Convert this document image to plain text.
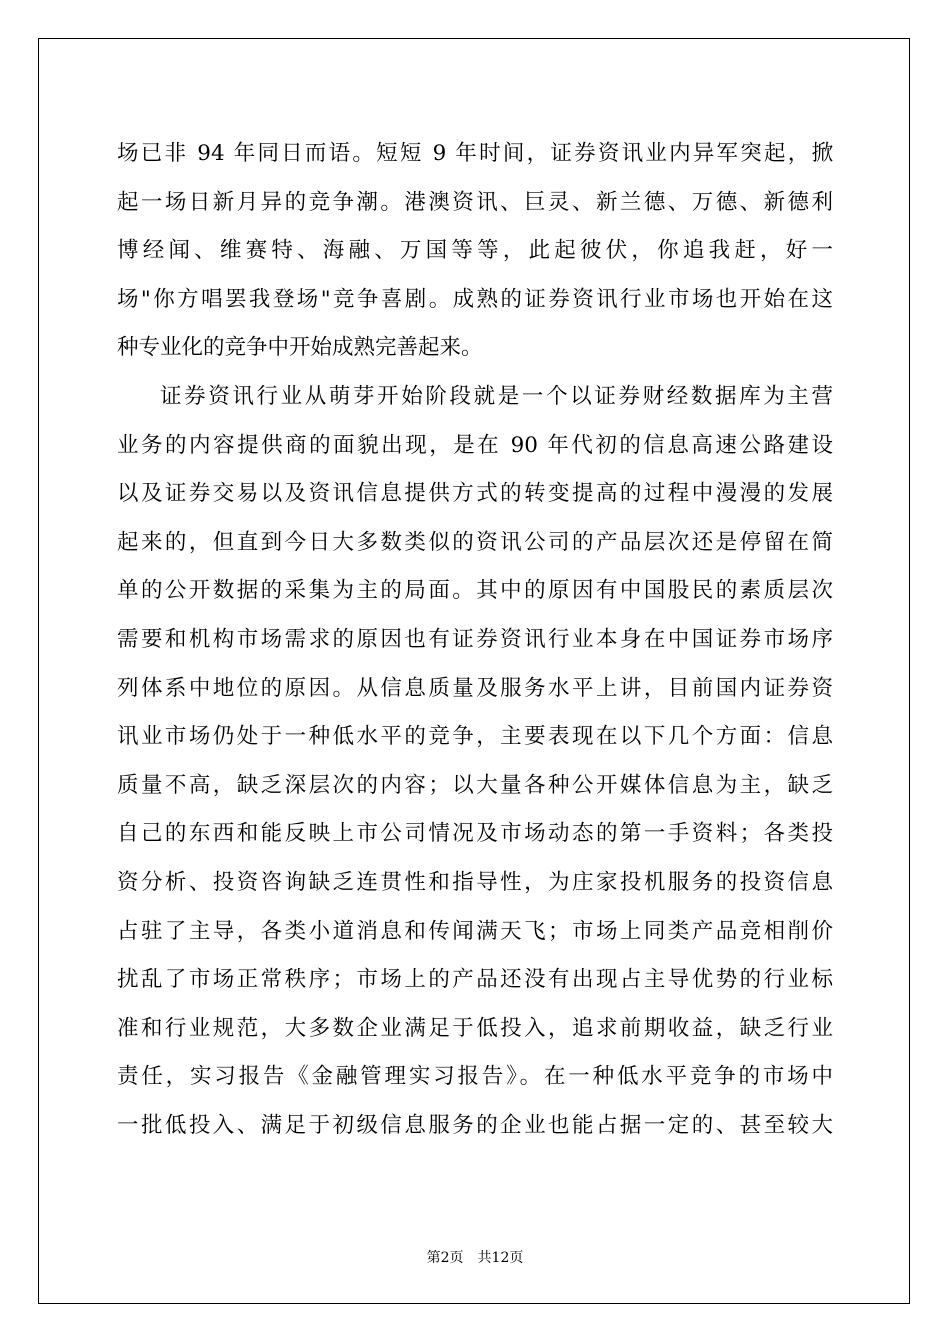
场已非 94 年同日而语。短短 9 年时间，证券资讯业内异军突起，掀
起一场日新月异的竞争潮。港澳资讯、巨灵、新兰德、万德、新德利
博经闻、维赛特、海融、万国等等，此起彼伏，你追我赶，好一
场"你方唱罢我登场"竞争喜剧。成熟的证券资讯行业市场也开始在这
种专业化的竞争中开始成熟完善起来。
证券资讯行业从萌芽开始阶段就是一个以证券财经数据库为主营
业务的内容提供商的面貌出现，是在 90 年代初的信息高速公路建设
以及证券交易以及资讯信息提供方式的转变提高的过程中漫漫的发展
起来的，但直到今日大多数类似的资讯公司的产品层次还是停留在简
单的公开数据的采集为主的局面。其中的原因有中国股民的素质层次
需要和机构市场需求的原因也有证券资讯行业本身在中国证券市场序
列体系中地位的原因。从信息质量及服务水平上讲，目前国内证券资
讯业市场仍处于一种低水平的竞争，主要表现在以下几个方面：信息
质量不高，缺乏深层次的内容；以大量各种公开媒体信息为主，缺乏
自己的东西和能反映上市公司情况及市场动态的第一手资料；各类投
资分析、投资咨询缺乏连贯性和指导性，为庄家投机服务的投资信息
占驻了主导，各类小道消息和传闻满天飞；市场上同类产品竞相削价
扰乱了市场正常秩序；市场上的产品还没有出现占主导优势的行业标
准和行业规范，大多数企业满足于低投入，追求前期收益，缺乏行业
责任，实习报告《金融管理实习报告》。在一种低水平竞争的市场中
一批低投入、满足于初级信息服务的企业也能占据一定的、甚至较大
第2页 共12页
